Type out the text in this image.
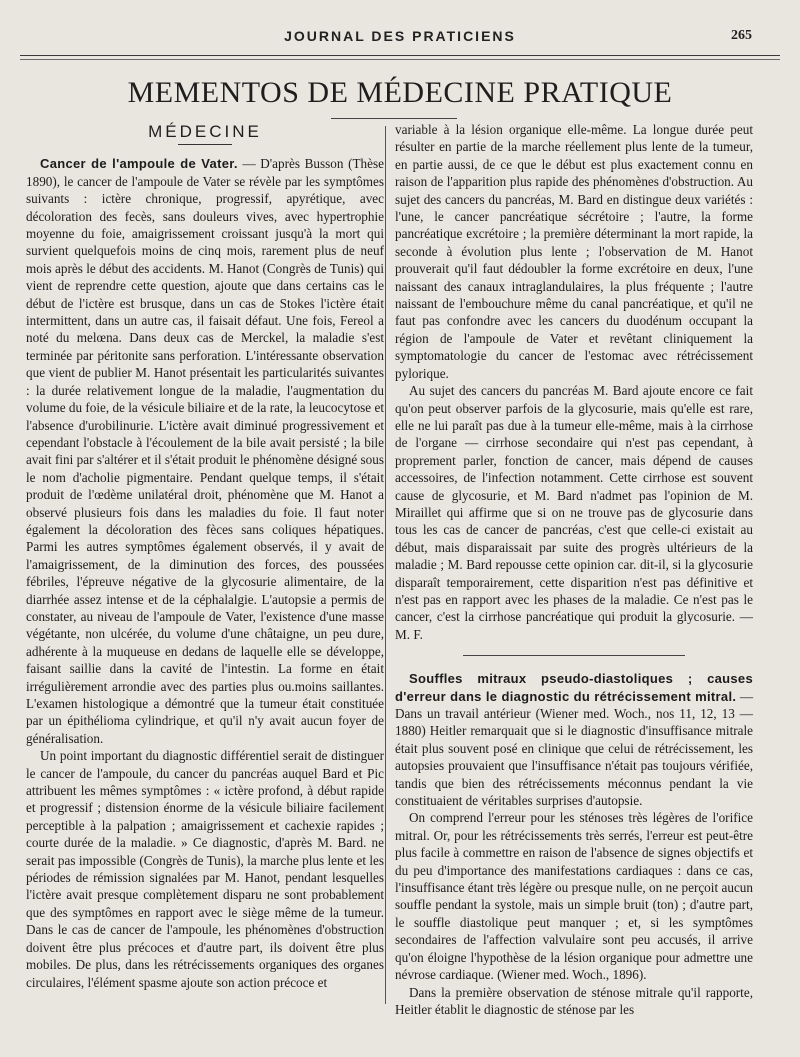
JOURNAL DES PRATICIENS	265
MEMENTOS DE MÉDECINE PRATIQUE
MÉDECINE

Cancer de l'ampoule de Vater. — D'après Busson (Thèse 1890), le cancer de l'ampoule de Vater se révèle par les symptômes suivants : ictère chronique, progressif, apyrétique, avec décoloration des fecès, sans douleurs vives, avec hypertrophie moyenne du foie, amaigrissement croissant jusqu'à la mort qui survient quelquefois moins de cinq mois, rarement plus de neuf mois après le début des accidents. M. Hanot (Congrès de Tunis) qui vient de reprendre cette question, ajoute que dans certains cas le début de l'ictère est brusque, dans un cas de Stokes l'ictère était intermittent, dans un autre cas, il faisait défaut. Une fois, Fereol a noté du melœna. Dans deux cas de Merckel, la maladie s'est terminée par péritonite sans perforation. L'intéressante observation que vient de publier M. Hanot présentait les particularités suivantes : la durée relativement longue de la maladie, l'augmentation du volume du foie, de la vésicule biliaire et de la rate, la leucocytose et l'absence d'urobilinurie. L'ictère avait diminué progressivement et cependant l'obstacle à l'écoulement de la bile avait persisté ; la bile avait fini par s'altérer et il s'était produit le phénomène désigné sous le nom d'acholie pigmentaire. Pendant quelque temps, il s'était produit de l'œdème unilatéral droit, phénomène que M. Hanot a observé plusieurs fois dans les maladies du foie. Il faut noter également la décoloration des fèces sans coliques hépatiques. Parmi les autres symptômes également observés, il y avait de l'amaigrissement, de la diminution des forces, des poussées fébriles, l'épreuve négative de la glycosurie alimentaire, de la diarrhée assez intense et de la céphalalgie. L'autopsie a permis de constater, au niveau de l'ampoule de Vater, l'existence d'une masse végétante, non ulcérée, du volume d'une châtaigne, un peu dure, adhérente à la muqueuse en dedans de laquelle elle se développe, faisant saillie dans la cavité de l'intestin. La forme en était irrégulièrement arrondie avec des parties plus ou.moins saillantes. L'examen histologique a démontré que la tumeur était constituée par un épithélioma cylindrique, et qu'il n'y avait aucun foyer de généralisation.

Un point important du diagnostic différentiel serait de distinguer le cancer de l'ampoule, du cancer du pancréas auquel Bard et Pic attribuent les mêmes symptômes : « ictère profond, à début rapide et progressif ; distension énorme de la vésicule biliaire facilement perceptible à la palpation ; amaigrissement et cachexie rapides ; courte durée de la maladie. » Ce diagnostic, d'après M. Bard. ne serait pas impossible (Congrès de Tunis), la marche plus lente et les périodes de rémission signalées par M. Hanot, pendant lesquelles l'ictère avait presque complètement disparu ne sont probablement que des symptômes en rapport avec le siège même de la tumeur. Dans le cas de cancer de l'ampoule, les phénomènes d'obstruction doivent être plus précoces et d'autre part, ils doivent être plus mobiles. De plus, dans les rétrécissements organiques des organes circulaires, l'élément spasme ajoute son action précoce et

variable à la lésion organique elle-même. La longue durée peut résulter en partie de la marche réellement plus lente de la tumeur, en partie aussi, de ce que le début est plus exactement connu en raison de l'apparition plus rapide des phénomènes d'obstruction. Au sujet des cancers du pancréas, M. Bard en distingue deux variétés : l'une, le cancer pancréatique sécrétoire ; l'autre, la forme pancréatique excrétoire ; la première déterminant la mort rapide, la seconde à évolution plus lente ; l'observation de M. Hanot prouverait qu'il faut dédoubler la forme excrétoire en deux, l'une naissant des canaux intraglandulaires, la plus fréquente ; l'autre naissant de l'embouchure même du canal pancréatique, et qu'il ne faut pas confondre avec les cancers du duodénum occupant la région de l'ampoule de Vater et revêtant cliniquement la symptomatologie du cancer de l'estomac avec rétrécissement pylorique.

Au sujet des cancers du pancréas M. Bard ajoute encore ce fait qu'on peut observer parfois de la glycosurie, mais qu'elle est rare, elle ne lui paraît pas due à la tumeur elle-même, mais à la cirrhose de l'organe — cirrhose secondaire qui n'est pas cependant, à proprement parler, fonction de cancer, mais dépend de causes accessoires, de l'infection notamment. Cette cirrhose est souvent cause de glycosurie, et M. Bard n'admet pas l'opinion de M. Miraillet qui affirme que si on ne trouve pas de glycosurie dans tous les cas de cancer de pancréas, c'est que celle-ci existait au début, mais disparaissait par suite des progrès ultérieurs de la maladie ; M. Bard repousse cette opinion car. dit-il, si la glycosurie disparaît temporairement, cette disparition n'est pas définitive et n'est pas en rapport avec les phases de la maladie. Ce n'est pas le cancer, c'est la cirrhose pancréatique qui produit la glycosurie. — M. F.

Souffles mitraux pseudo-diastoliques ; causes d'erreur dans le diagnostic du rétrécissement mitral. — Dans un travail antérieur (Wiener med. Woch., nos 11, 12, 13 — 1880) Heitler remarquait que si le diagnostic d'insuffisance mitrale était plus souvent posé en clinique que celui de rétrécissement, les autopsies prouvaient que l'insuffisance n'était pas toujours vérifiée, tandis que bien des rétrécissements méconnus pendant la vie constituaient de véritables surprises d'autopsie.

On comprend l'erreur pour les sténoses très légères de l'orifice mitral. Or, pour les rétrécissements très serrés, l'erreur est peut-être plus facile à commettre en raison de l'absence de signes objectifs et du peu d'importance des manifestations cardiaques : dans ce cas, l'insuffisance étant très légère ou presque nulle, on ne perçoit aucun souffle pendant la systole, mais un simple bruit (ton) ; d'autre part, le souffle diastolique peut manquer ; et, si les symptômes secondaires de l'affection valvulaire sont peu accusés, il arrive qu'on éloigne l'hypothèse de la lésion organique pour admettre une névrose cardiaque. (Wiener med. Woch., 1896).

Dans la première observation de sténose mitrale qu'il rapporte, Heitler établit le diagnostic de sténose par les
